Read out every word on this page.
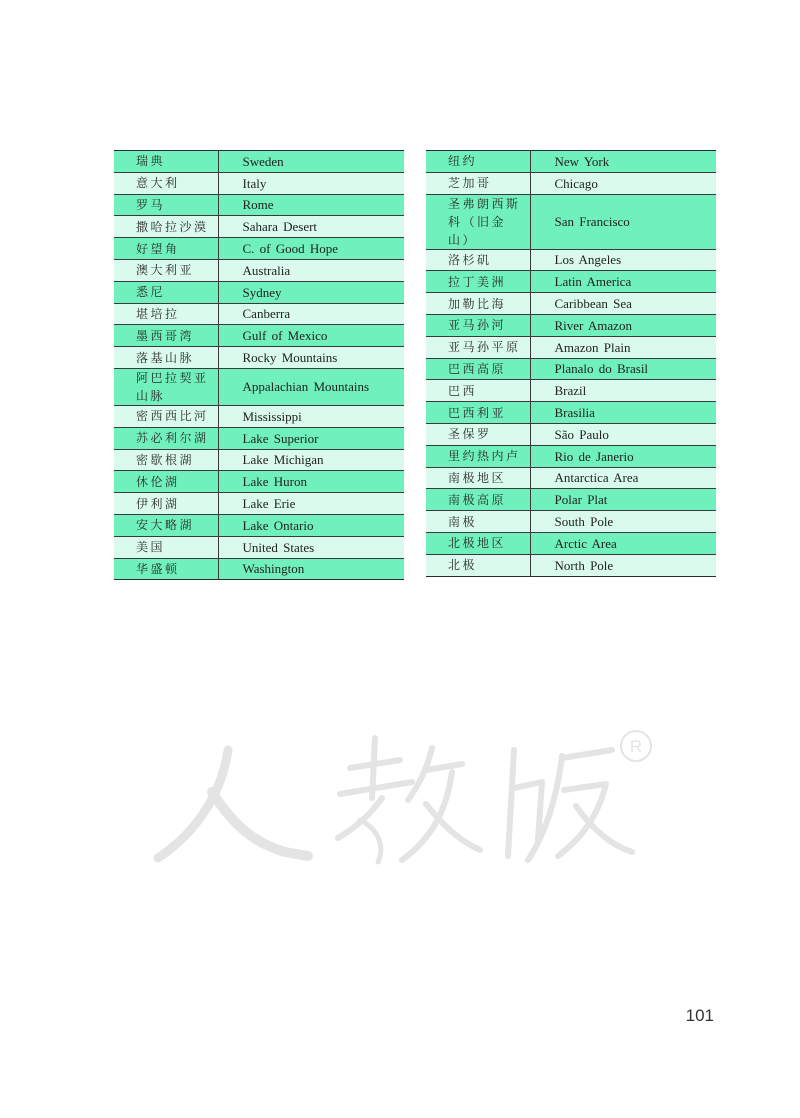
瑞典	Sweden
意大利	Italy
罗马	Rome
撒哈拉沙漠	Sahara Desert
好望角	C. of Good Hope
澳大利亚	Australia
悉尼	Sydney
堪培拉	Canberra
墨西哥湾	Gulf of Mexico
落基山脉	Rocky Mountains
阿巴拉契亚山脉	Appalachian Mountains
密西西比河	Mississippi
苏必利尔湖	Lake Superior
密歇根湖	Lake Michigan
休伦湖	Lake Huron
伊利湖	Lake Erie
安大略湖	Lake Ontario
美国	United States
华盛顿	Washington
纽约	New York
芝加哥	Chicago
圣弗朗西斯科（旧金山）	San Francisco
洛杉矶	Los Angeles
拉丁美洲	Latin America
加勒比海	Caribbean Sea
亚马孙河	River Amazon
亚马孙平原	Amazon Plain
巴西高原	Planalo do Brasil
巴西	Brazil
巴西利亚	Brasilia
圣保罗	São Paulo
里约热内卢	Rio de Janerio
南极地区	Antarctica Area
南极高原	Polar Plat
南极	South Pole
北极地区	Arctic Area
北极	North Pole
R
101
